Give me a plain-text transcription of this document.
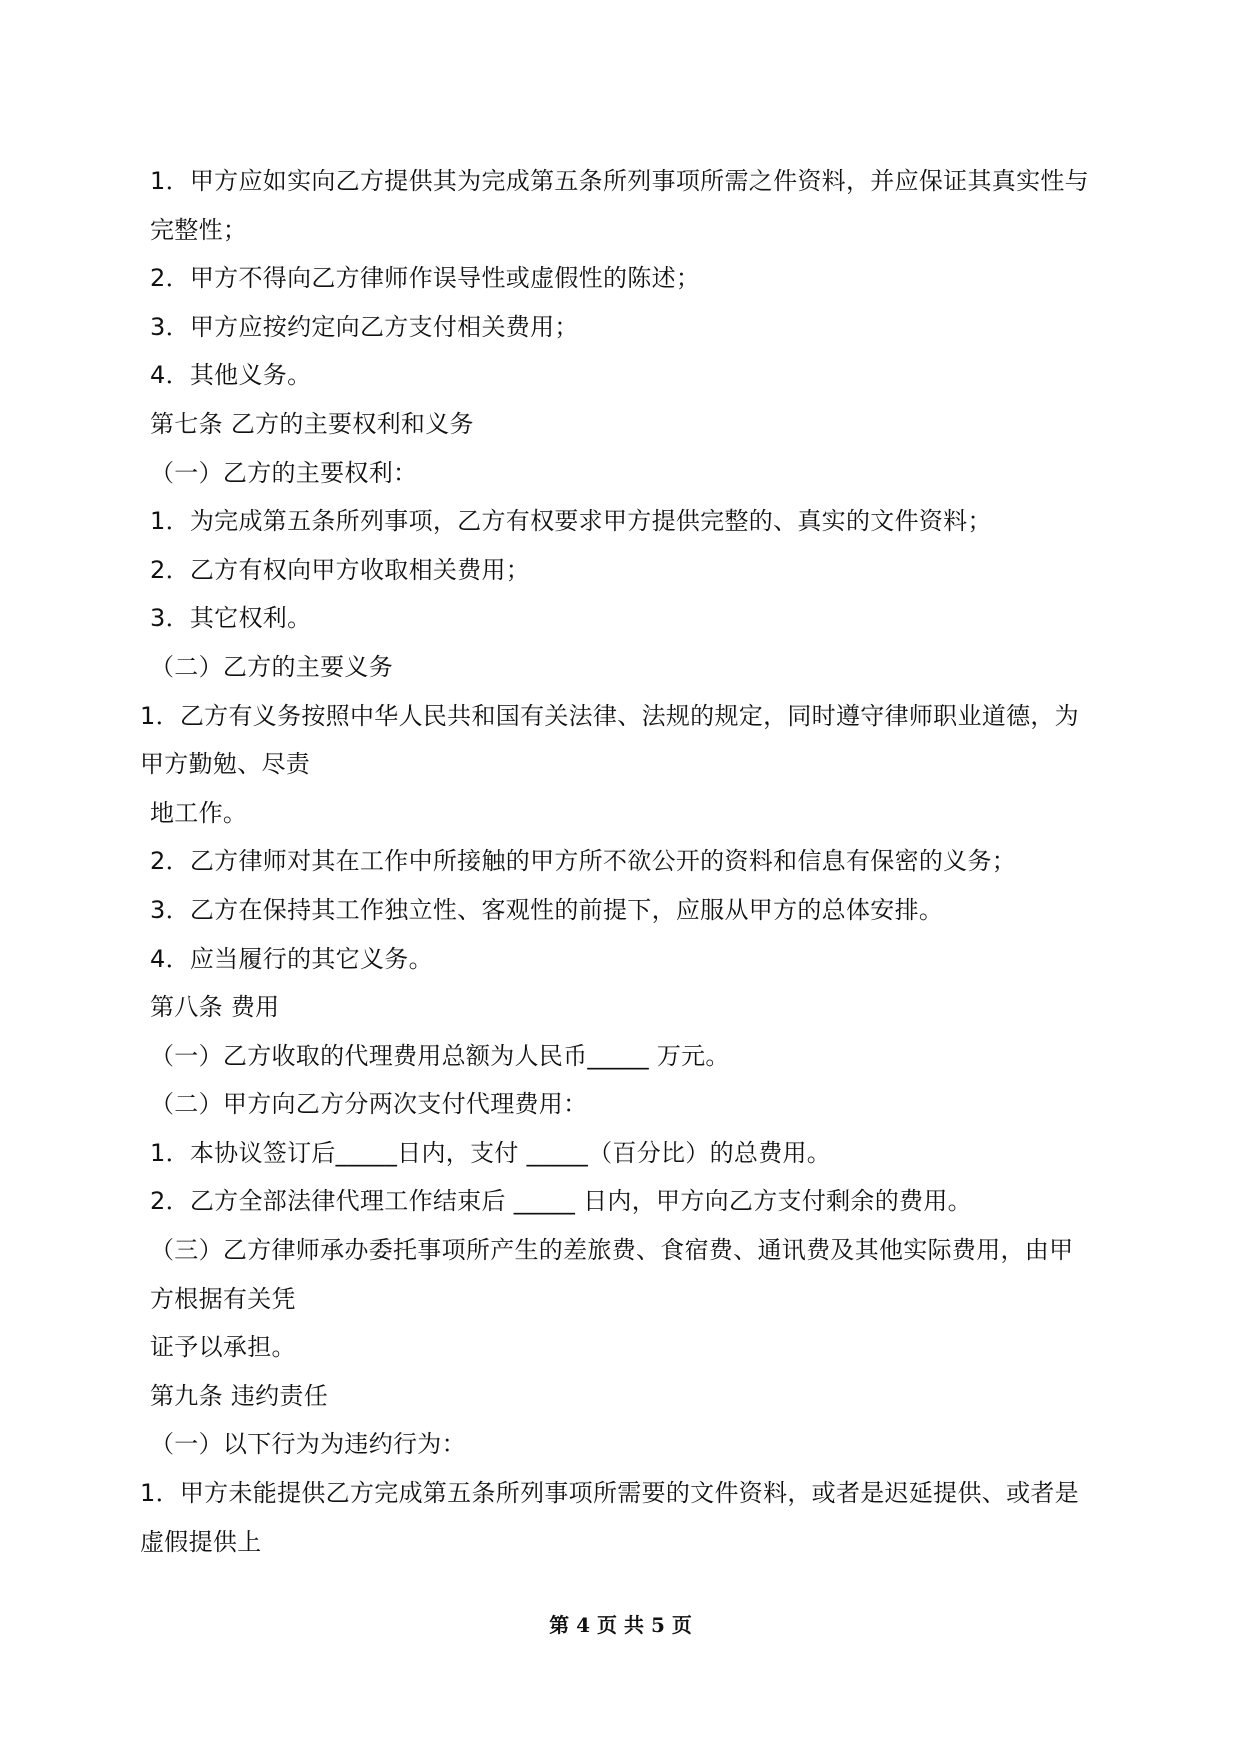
1．甲方应如实向乙方提供其为完成第五条所列事项所需之件资料，并应保证其真实性与完整性；

2．甲方不得向乙方律师作误导性或虚假性的陈述；

3．甲方应按约定向乙方支付相关费用；

4．其他义务。

第七条 乙方的主要权利和义务

（一）乙方的主要权利：

1．为完成第五条所列事项，乙方有权要求甲方提供完整的、真实的文件资料；

2．乙方有权向甲方收取相关费用；

3．其它权利。

（二）乙方的主要义务

1．乙方有义务按照中华人民共和国有关法律、法规的规定，同时遵守律师职业道德，为甲方勤勉、尽责

地工作。

2．乙方律师对其在工作中所接触的甲方所不欲公开的资料和信息有保密的义务；

3．乙方在保持其工作独立性、客观性的前提下，应服从甲方的总体安排。

4．应当履行的其它义务。

第八条 费用

（一）乙方收取的代理费用总额为人民币_____ 万元。

（二）甲方向乙方分两次支付代理费用：

1．本协议签订后_____日内，支付 _____（百分比）的总费用。

2．乙方全部法律代理工作结束后 _____ 日内，甲方向乙方支付剩余的费用。

（三）乙方律师承办委托事项所产生的差旅费、食宿费、通讯费及其他实际费用，由甲方根据有关凭

证予以承担。

第九条 违约责任

（一）以下行为为违约行为：

1．甲方未能提供乙方完成第五条所列事项所需要的文件资料，或者是迟延提供、或者是虚假提供上

第 4 页 共 5 页
